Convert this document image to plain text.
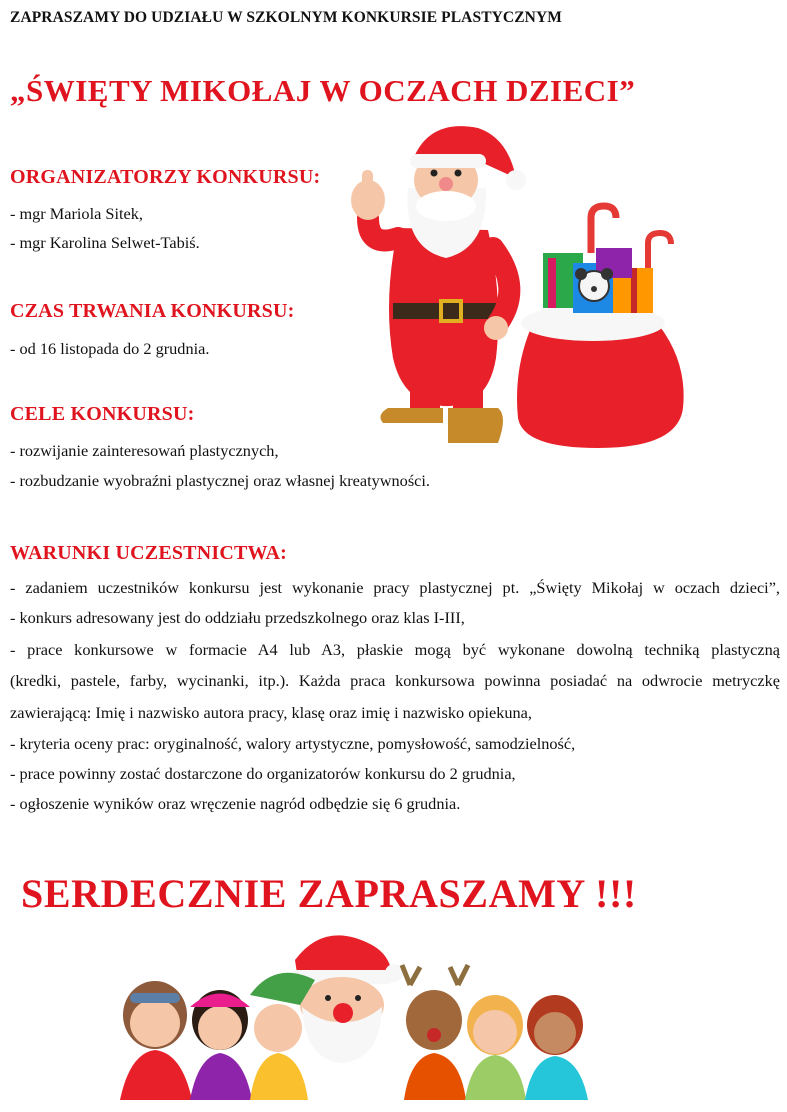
ZAPRASZAMY DO UDZIAŁU W SZKOLNYM KONKURSIE PLASTYCZNYM

„ŚWIĘTY MIKOŁAJ W OCZACH DZIECI”
ORGANIZATORZY KONKURSU:

- mgr Mariola Sitek,

- mgr Karolina Selwet-Tabiś.

CZAS TRWANIA KONKURSU:

- od 16 listopada do 2 grudnia.

CELE KONKURSU:

- rozwijanie zainteresowań plastycznych,

- rozbudzanie wyobraźni plastycznej oraz własnej kreatywności.

WARUNKI UCZESTNICTWA:

- zadaniem uczestników konkursu jest wykonanie pracy plastycznej pt. „Święty Mikołaj w oczach dzieci”,

- konkurs adresowany jest do oddziału przedszkolnego oraz klas I-III,

- prace konkursowe w formacie A4 lub A3, płaskie mogą być wykonane dowolną techniką plastyczną

(kredki, pastele, farby, wycinanki, itp.). Każda praca konkursowa powinna posiadać na odwrocie metryczkę

zawierającą: Imię i nazwisko autora pracy, klasę oraz imię i nazwisko opiekuna,

- kryteria oceny prac: oryginalność, walory artystyczne, pomysłowość, samodzielność,

- prace powinny zostać dostarczone do organizatorów konkursu do 2 grudnia,

- ogłoszenie wyników oraz wręczenie nagród odbędzie się 6 grudnia.

SERDECZNIE ZAPRASZAMY !!!
